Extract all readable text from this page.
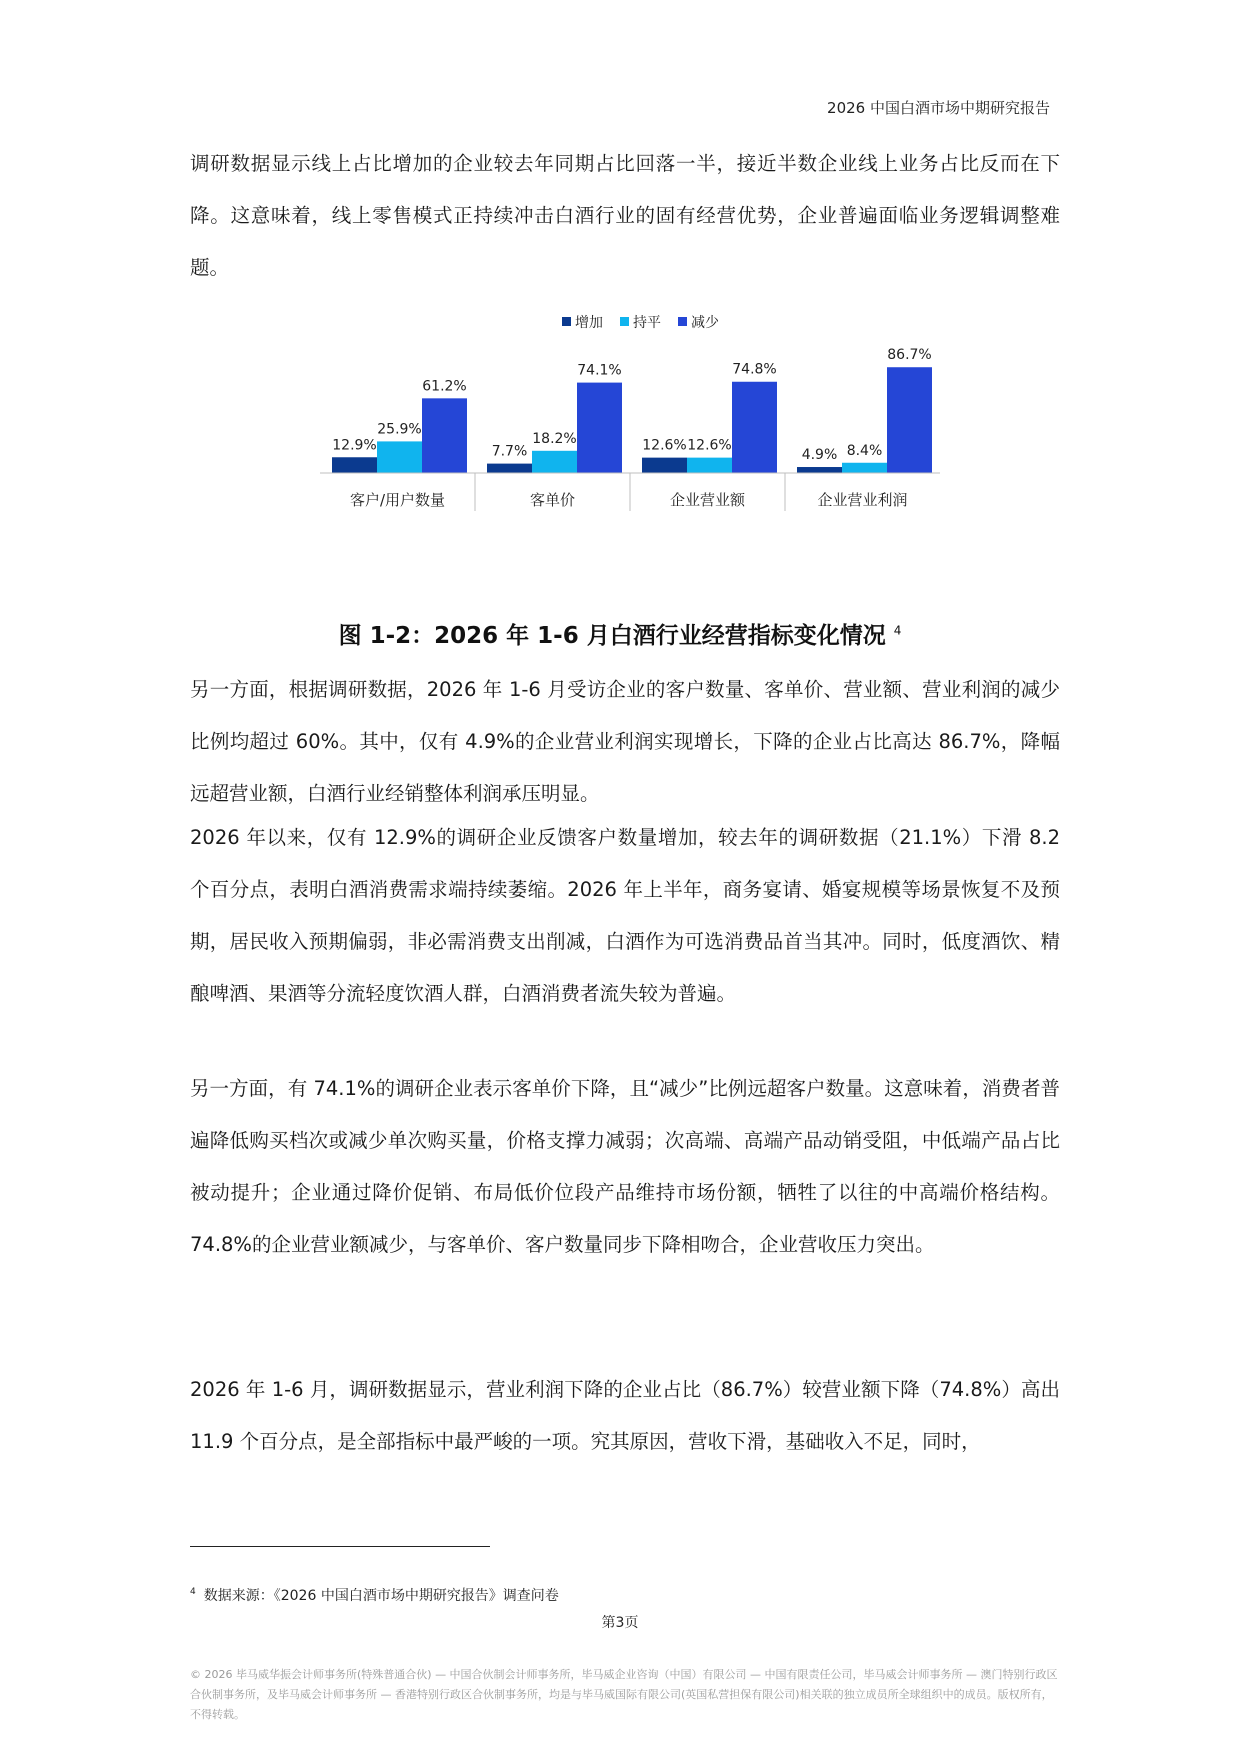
2026 中国白酒市场中期研究报告

调研数据显示线上占比增加的企业较去年同期占比回落一半，接近半数企业线上业务占比反而在下降。这意味着，线上零售模式正持续冲击白酒行业的固有经营优势，企业普遍面临业务逻辑调整难题。

增加 持平 减少
12.9%
25.9%
61.2%
7.7%
18.2%
74.1%
12.6% 12.6%
74.8%
4.9% 8.4%
86.7%
客户/用户数量	客单价	企业营业额	企业营业利润
图 1-2：2026 年 1-6 月白酒行业经营指标变化情况 $^4$

另一方面，根据调研数据，2026 年 1-6 月受访企业的客户数量、客单价、营业额、营业利润的减少比例均超过 60%。其中，仅有 4.9%的企业营业利润实现增长，下降的企业占比高达 86.7%，降幅远超营业额，白酒行业经销整体利润承压明显。

2026 年以来，仅有 12.9%的调研企业反馈客户数量增加，较去年的调研数据（21.1%）下滑 8.2 个百分点，表明白酒消费需求端持续萎缩。2026 年上半年，商务宴请、婚宴规模等场景恢复不及预期，居民收入预期偏弱，非必需消费支出削减，白酒作为可选消费品首当其冲。同时，低度酒饮、精酿啤酒、果酒等分流轻度饮酒人群，白酒消费者流失较为普遍。

另一方面，有 74.1%的调研企业表示客单价下降，且“减少”比例远超客户数量。这意味着，消费者普遍降低购买档次或减少单次购买量，价格支撑力减弱；次高端、高端产品动销受阻，中低端产品占比被动提升；企业通过降价促销、布局低价位段产品维持市场份额，牺牲了以往的中高端价格结构。74.8%的企业营业额减少，与客单价、客户数量同步下降相吻合，企业营收压力突出。

2026 年 1-6 月，调研数据显示，营业利润下降的企业占比（86.7%）较营业额下降（74.8%）高出 11.9 个百分点，是全部指标中最严峻的一项。究其原因，营收下滑，基础收入不足，同时，

$^4$ 数据来源：《2026 中国白酒市场中期研究报告》调查问卷
第3页

© 2026 毕马威华振会计师事务所(特殊普通合伙) — 中国合伙制会计师事务所，毕马威企业咨询（中国）有限公司 — 中国有限责任公司，毕马威会计师事务所 — 澳门特别行政区合伙制事务所，及毕马威会计师事务所 — 香港特别行政区合伙制事务所，均是与毕马威国际有限公司(英国私营担保有限公司)相关联的独立成员所全球组织中的成员。版权所有，不得转载。
